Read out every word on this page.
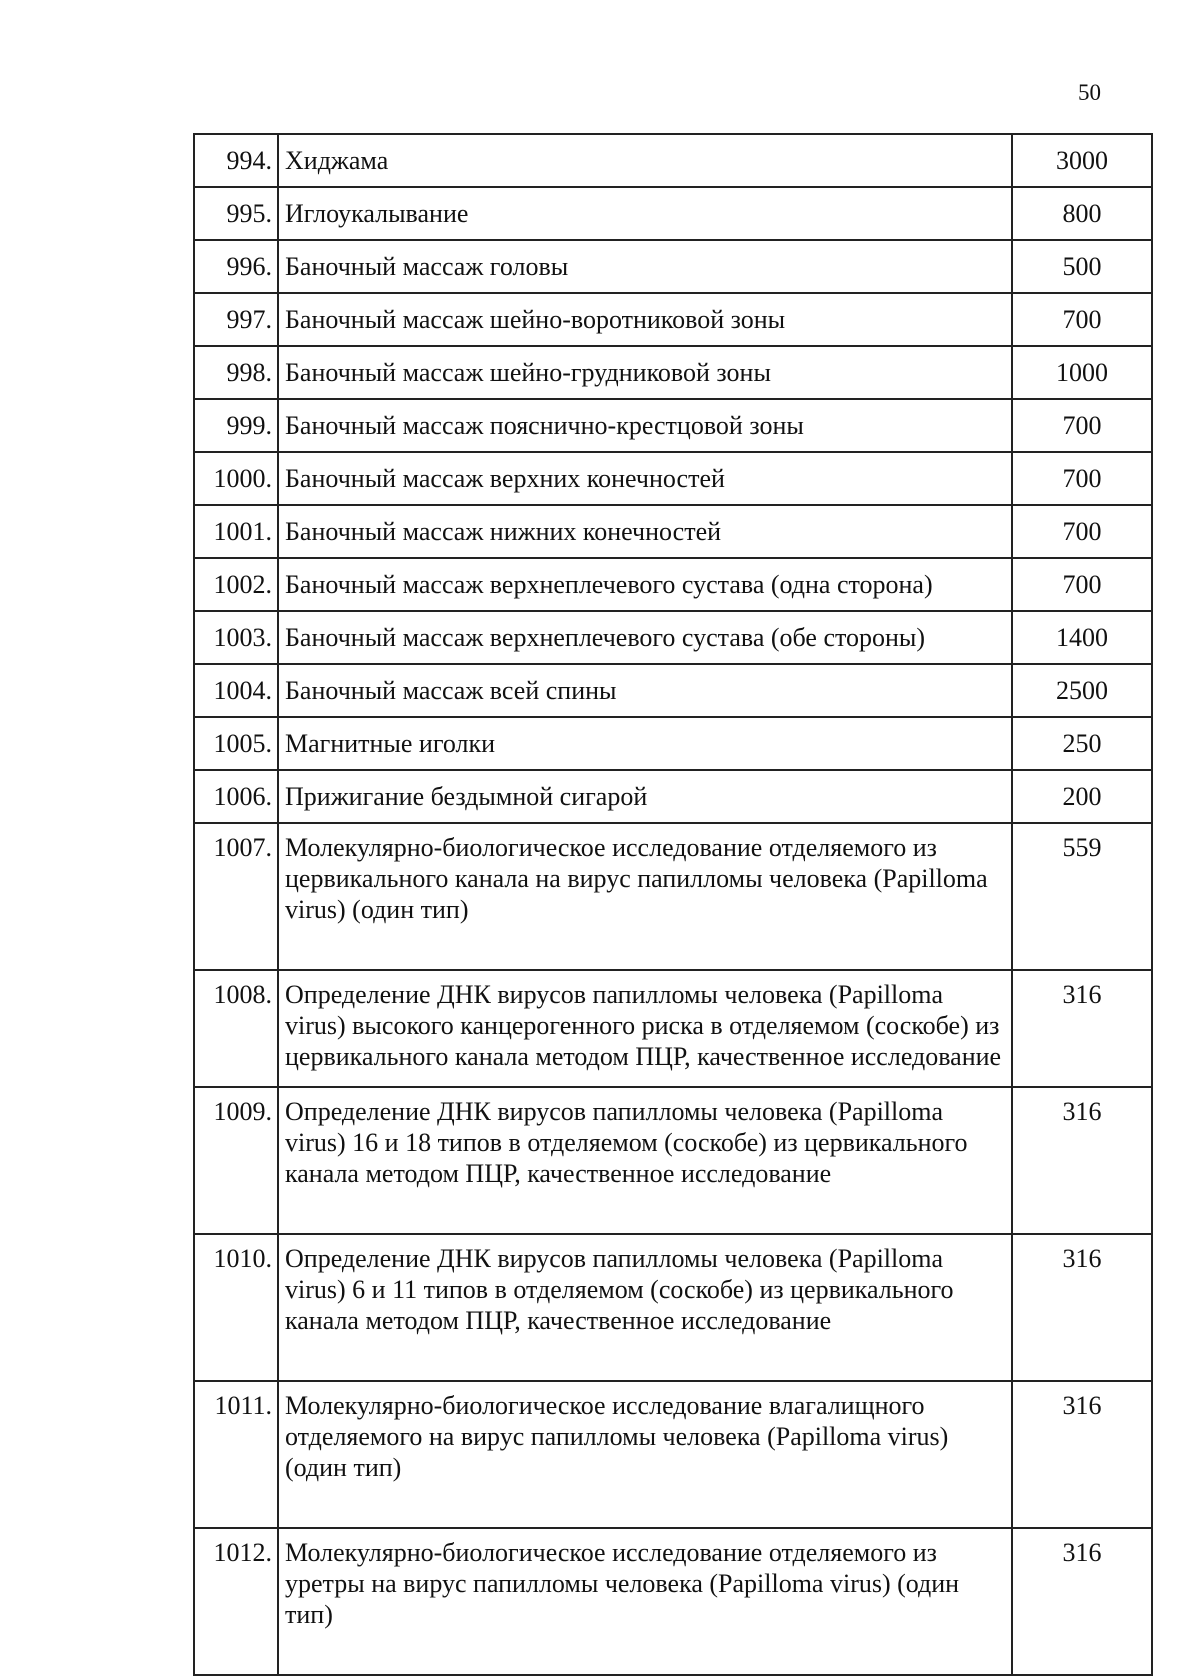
50
994.	Хиджама	3000
995.	Иглоукалывание	800
996.	Баночный массаж головы	500
997.	Баночный массаж шейно-воротниковой зоны	700
998.	Баночный массаж шейно-грудниковой зоны	1000
999.	Баночный массаж пояснично-крестцовой зоны	700
1000.	Баночный массаж верхних конечностей	700
1001.	Баночный массаж нижних конечностей	700
1002.	Баночный массаж верхнеплечевого сустава (одна сторона)	700
1003.	Баночный массаж верхнеплечевого сустава (обе стороны)	1400
1004.	Баночный массаж всей спины	2500
1005.	Магнитные иголки	250
1006.	Прижигание бездымной сигарой	200
1007.	Молекулярно-биологическое исследование отделяемого из цервикального канала на вирус папилломы человека (Papilloma virus) (один тип)	559
1008.	Определение ДНК вирусов папилломы человека (Papilloma virus) высокого канцерогенного риска в отделяемом (соскобе) из цервикального канала методом ПЦР, качественное исследование	316
1009.	Определение ДНК вирусов папилломы человека (Papilloma virus) 16 и 18 типов в отделяемом (соскобе) из цервикального канала методом ПЦР, качественное исследование	316
1010.	Определение ДНК вирусов папилломы человека (Papilloma virus) 6 и 11 типов в отделяемом (соскобе) из цервикального канала методом ПЦР, качественное исследование	316
1011.	Молекулярно-биологическое исследование влагалищного отделяемого на вирус папилломы человека (Papilloma virus) (один тип)	316
1012.	Молекулярно-биологическое исследование отделяемого из уретры на вирус папилломы человека (Papilloma virus) (один тип)	316
